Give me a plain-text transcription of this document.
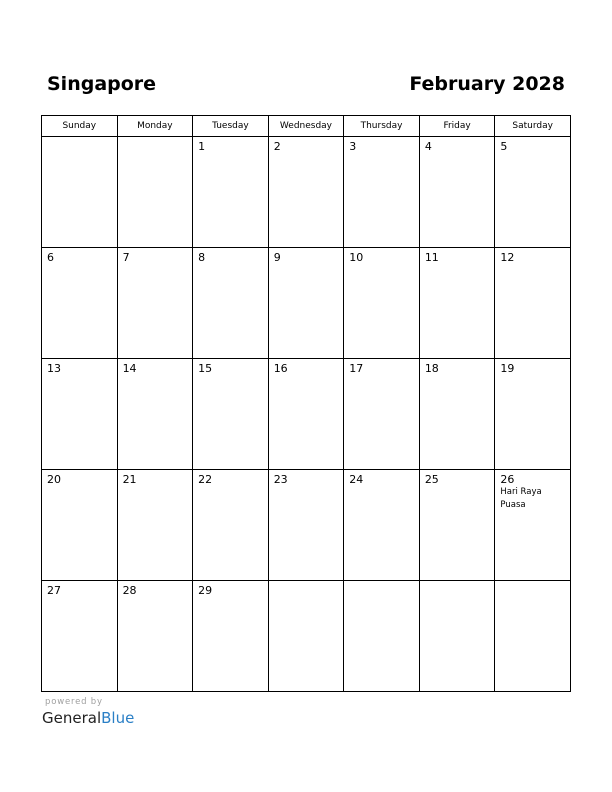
Singapore	February 2028
Sunday	Monday	Tuesday	Wednesday	Thursday	Friday	Saturday

		1	2	3	4	5

6	7	8	9	10	11	12

13	14	15	16	17	18	19

20	21	22	23	24	25	26
Hari Raya Puasa

27	28	29				

powered by
GeneralBlue
